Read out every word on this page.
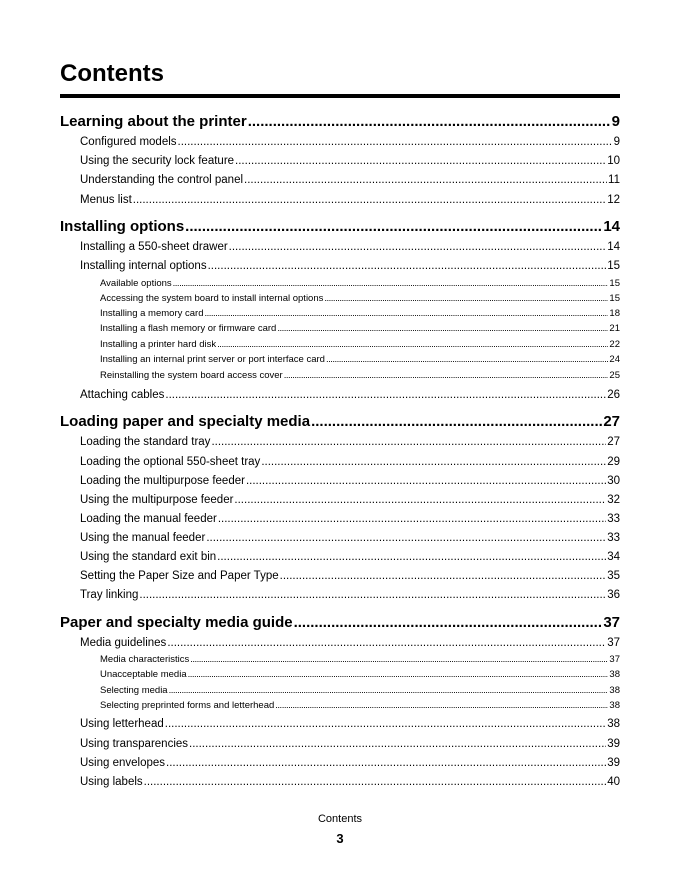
Contents
Learning about the printer .....	9
Configured models .....	9
Using the security lock feature .....	10
Understanding the control panel .....	11
Menus list .....	12
Installing options .....	14
Installing a 550-sheet drawer .....	14
Installing internal options .....	15
Available options .....	15
Accessing the system board to install internal options .....	15
Installing a memory card .....	18
Installing a flash memory or firmware card .....	21
Installing a printer hard disk .....	22
Installing an internal print server or port interface card .....	24
Reinstalling the system board access cover .....	25
Attaching cables .....	26
Loading paper and specialty media .....	27
Loading the standard tray .....	27
Loading the optional 550-sheet tray .....	29
Loading the multipurpose feeder .....	30
Using the multipurpose feeder .....	32
Loading the manual feeder .....	33
Using the manual feeder .....	33
Using the standard exit bin .....	34
Setting the Paper Size and Paper Type .....	35
Tray linking .....	36
Paper and specialty media guide .....	37
Media guidelines .....	37
Media characteristics .....	37
Unacceptable media .....	38
Selecting media .....	38
Selecting preprinted forms and letterhead .....	38
Using letterhead .....	38
Using transparencies .....	39
Using envelopes .....	39
Using labels .....	40
Contents
3
